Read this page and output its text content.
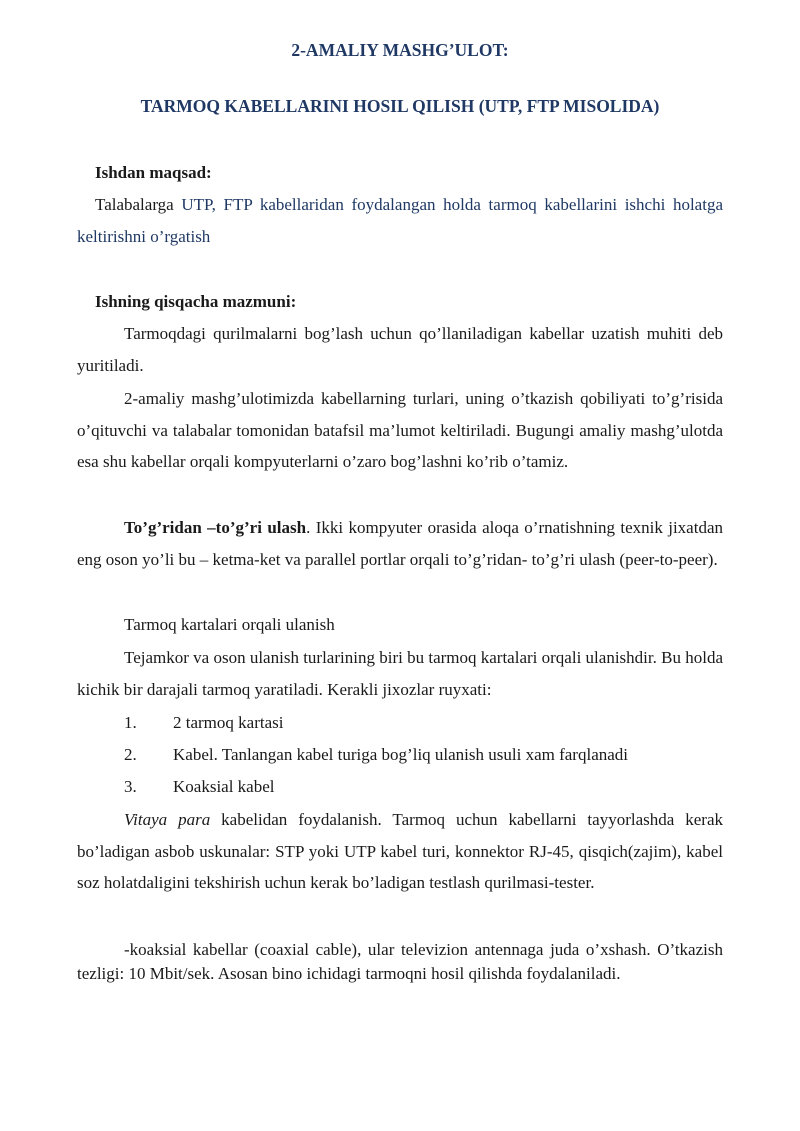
2-AMALIY MASHG’ULOT:
TARMOQ KABELLARINI HOSIL QILISH (UTP, FTP MISOLIDA)
Ishdan maqsad:
Talabalarga UTP, FTP kabellaridan foydalangan holda tarmoq kabellarini ishchi holatga keltirishni o’rgatish
Ishning qisqacha mazmuni:

Tarmoqdagi qurilmalarni bog’lash uchun qo’llaniladigan kabellar uzatish muhiti deb yuritiladi.

2-amaliy mashg’ulotimizda kabellarning turlari, uning o’tkazish qobiliyati to’g’risida o’qituvchi va talabalar tomonidan batafsil ma’lumot keltiriladi. Bugungi amaliy mashg’ulotda esa shu kabellar orqali kompyuterlarni o’zaro bog’lashni ko’rib o’tamiz.

To’g’ridan –to’g’ri ulash. Ikki kompyuter orasida aloqa o’rnatishning texnik jixatdan eng oson yo’li bu – ketma-ket va parallel portlar orqali to’g’ridan- to’g’ri ulash (peer-to-peer).

Tarmoq kartalari orqali ulanish

Tejamkor va oson ulanish turlarining biri bu tarmoq kartalari orqali ulanishdir. Bu holda kichik bir darajali tarmoq yaratiladi. Kerakli jixozlar ruyxati:

1. 2 tarmoq kartasi
2. Kabel. Tanlangan kabel turiga bog’liq ulanish usuli xam farqlanadi
3. Koaksial kabel

Vitaya para kabelidan foydalanish. Tarmoq uchun kabellarni tayyorlashda kerak bo’ladigan asbob uskunalar: STP yoki UTP kabel turi, konnektor RJ-45, qisqich(zajim), kabel soz holatdaligini tekshirish uchun kerak bo’ladigan testlash qurilmasi-tester.

-koaksial kabellar (coaxial cable), ular televizion antennaga juda o’xshash. O’tkazish tezligi: 10 Mbit/sek. Asosan bino ichidagi tarmoqni hosil qilishda foydalaniladi.
